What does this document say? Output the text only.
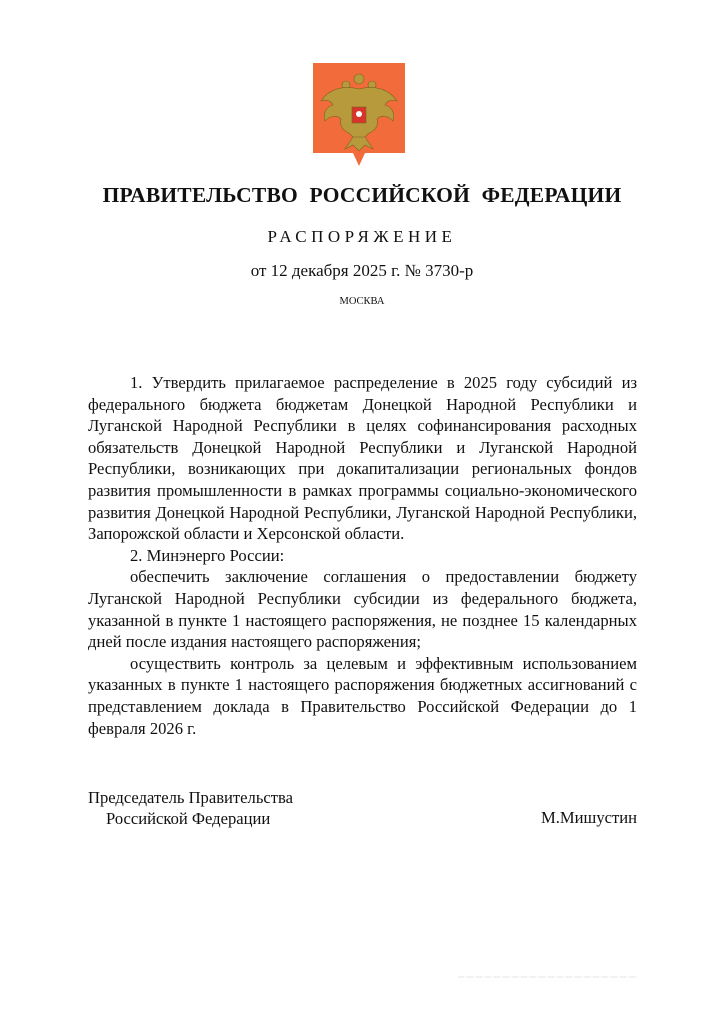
ПРАВИТЕЛЬСТВО РОССИЙСКОЙ ФЕДЕРАЦИИ
РАСПОРЯЖЕНИЕ
от 12 декабря 2025 г. № 3730-р
МОСКВА

1. Утвердить прилагаемое распределение в 2025 году субсидий из федерального бюджета бюджетам Донецкой Народной Республики и Луганской Народной Республики в целях софинансирования расходных обязательств Донецкой Народной Республики и Луганской Народной Республики, возникающих при докапитализации региональных фондов развития промышленности в рамках программы социально-экономического развития Донецкой Народной Республики, Луганской Народной Республики, Запорожской области и Херсонской области.

2. Минэнерго России:

обеспечить заключение соглашения о предоставлении бюджету Луганской Народной Республики субсидии из федерального бюджета, указанной в пункте 1 настоящего распоряжения, не позднее 15 календарных дней после издания настоящего распоряжения;

осуществить контроль за целевым и эффективным использованием указанных в пункте 1 настоящего распоряжения бюджетных ассигнований с представлением доклада в Правительство Российской Федерации до 1 февраля 2026 г.

Председатель Правительства
Российской Федерации	М.Мишустин
